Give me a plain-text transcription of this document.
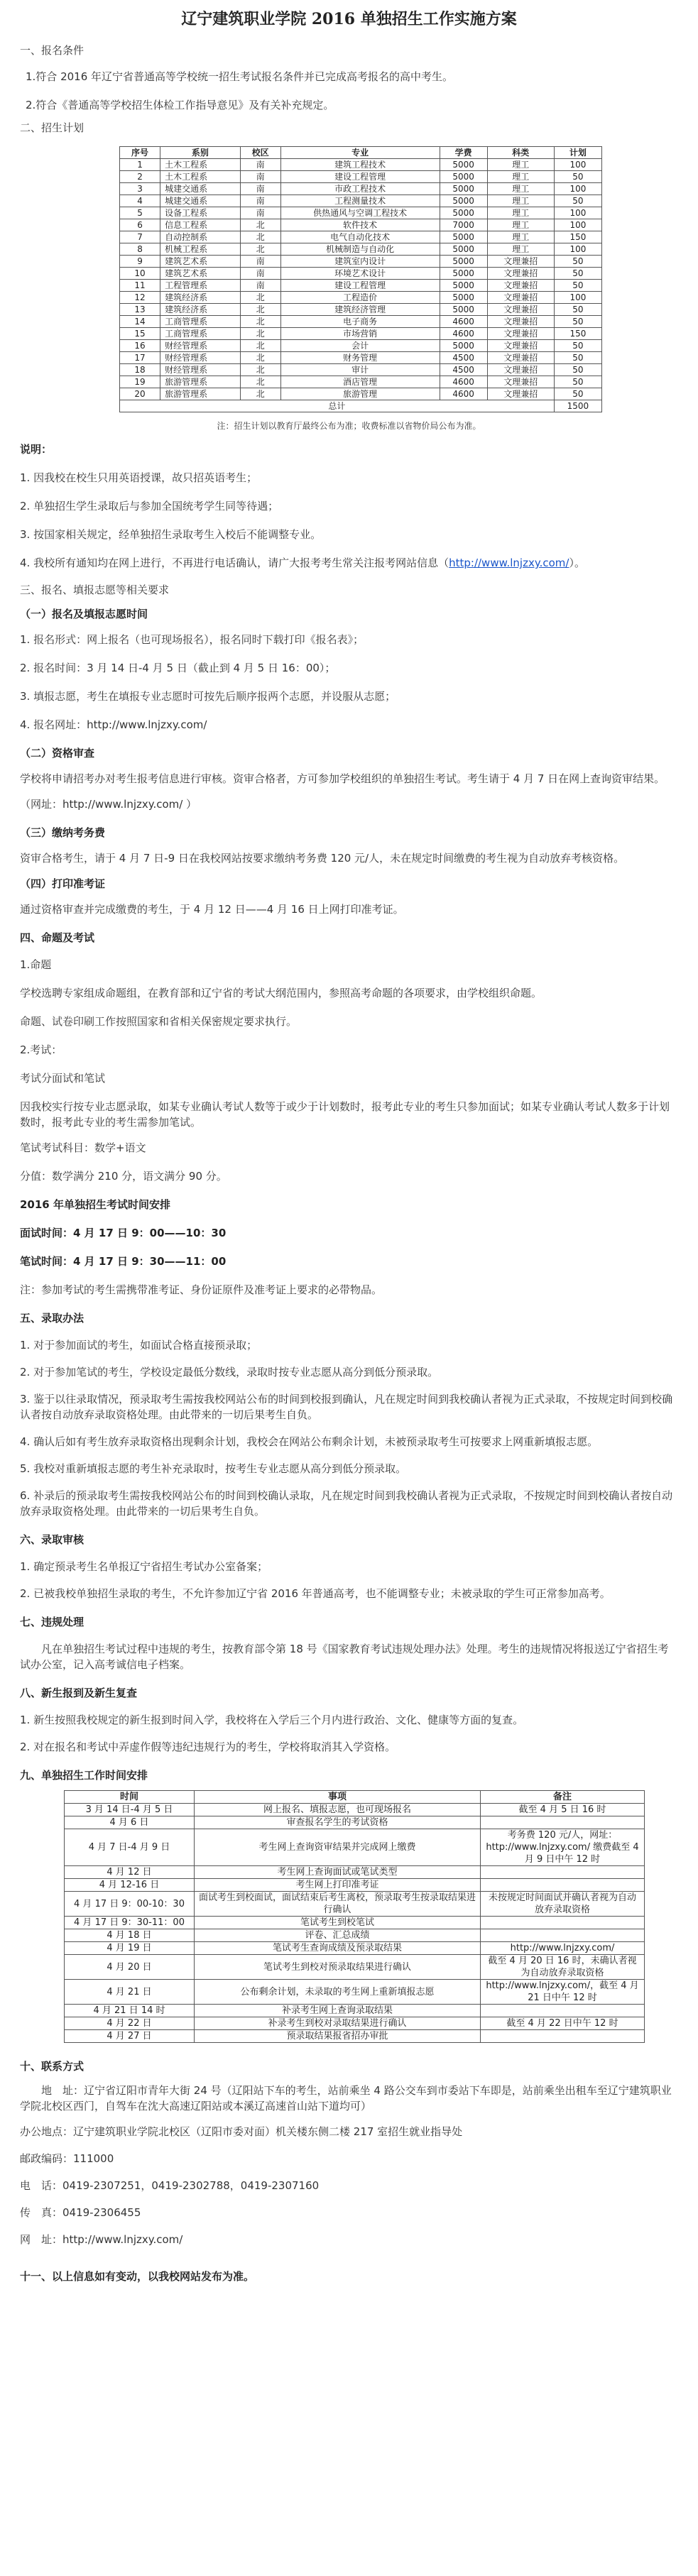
辽宁建筑职业学院 2016 单独招生工作实施方案
一、报名条件
1.符合 2016 年辽宁省普通高等学校统一招生考试报名条件并已完成高考报名的高中考生。
2.符合《普通高等学校招生体检工作指导意见》及有关补充规定。
二、招生计划
序号	系别	校区	专业	学费	科类	计划
1	土木工程系	南	建筑工程技术	5000	理工	100
2	土木工程系	南	建设工程管理	5000	理工	50
3	城建交通系	南	市政工程技术	5000	理工	100
4	城建交通系	南	工程测量技术	5000	理工	50
5	设备工程系	南	供热通风与空调工程技术	5000	理工	100
6	信息工程系	北	软件技术	7000	理工	100
7	自动控制系	北	电气自动化技术	5000	理工	150
8	机械工程系	北	机械制造与自动化	5000	理工	100
9	建筑艺术系	南	建筑室内设计	5000	文理兼招	50
10	建筑艺术系	南	环境艺术设计	5000	文理兼招	50
11	工程管理系	南	建设工程管理	5000	文理兼招	50
12	建筑经济系	北	工程造价	5000	文理兼招	100
13	建筑经济系	北	建筑经济管理	5000	文理兼招	50
14	工商管理系	北	电子商务	4600	文理兼招	50
15	工商管理系	北	市场营销	4600	文理兼招	150
16	财经管理系	北	会计	5000	文理兼招	50
17	财经管理系	北	财务管理	4500	文理兼招	50
18	财经管理系	北	审计	4500	文理兼招	50
19	旅游管理系	北	酒店管理	4600	文理兼招	50
20	旅游管理系	北	旅游管理	4600	文理兼招	50
总计						1500
注：招生计划以教育厅最终公布为准；收费标准以省物价局公布为准。
说明：
1. 因我校在校生只用英语授课，故只招英语考生；
2. 单独招生学生录取后与参加全国统考学生同等待遇；
3. 按国家相关规定，经单独招生录取考生入校后不能调整专业。
4. 我校所有通知均在网上进行，不再进行电话确认，请广大报考考生常关注报考网站信息（http://www.lnjzxy.com/）。
三、报名、填报志愿等相关要求
（一）报名及填报志愿时间
1. 报名形式：网上报名（也可现场报名），报名同时下载打印《报名表》；
2. 报名时间：3 月 14 日-4 月 5 日（截止到 4 月 5 日 16：00）；
3. 填报志愿，考生在填报专业志愿时可按先后顺序报两个志愿，并设服从志愿；
4. 报名网址：http://www.lnjzxy.com/
（二）资格审查
学校将申请招考办对考生报考信息进行审核。资审合格者，方可参加学校组织的单独招生考试。考生请于 4 月 7 日在网上查询资审结果。
（网址：http://www.lnjzxy.com/ ）
（三）缴纳考务费
资审合格考生，请于 4 月 7 日-9 日在我校网站按要求缴纳考务费 120 元/人，未在规定时间缴费的考生视为自动放弃考核资格。
（四）打印准考证
通过资格审查并完成缴费的考生，于 4 月 12 日——4 月 16 日上网打印准考证。
四、命题及考试
1.命题
学校选聘专家组成命题组，在教育部和辽宁省的考试大纲范围内，参照高考命题的各项要求，由学校组织命题。
命题、试卷印刷工作按照国家和省相关保密规定要求执行。
2.考试：
考试分面试和笔试
因我校实行按专业志愿录取，如某专业确认考试人数等于或少于计划数时，报考此专业的考生只参加面试；如某专业确认考试人数多于计划数时，报考此专业的考生需参加笔试。
笔试考试科目：数学+语文
分值：数学满分 210 分，语文满分 90 分。
2016 年单独招生考试时间安排
面试时间：4 月 17 日 9：00——10：30
笔试时间：4 月 17 日 9：30——11：00
注：参加考试的考生需携带准考证、身份证原件及准考证上要求的必带物品。
五、录取办法
1. 对于参加面试的考生，如面试合格直接预录取；
2. 对于参加笔试的考生，学校设定最低分数线，录取时按专业志愿从高分到低分预录取。
3. 鉴于以往录取情况，预录取考生需按我校网站公布的时间到校报到确认，凡在规定时间到我校确认者视为正式录取，不按规定时间到校确认者按自动放弃录取资格处理。由此带来的一切后果考生自负。
4. 确认后如有考生放弃录取资格出现剩余计划，我校会在网站公布剩余计划，未被预录取考生可按要求上网重新填报志愿。
5. 我校对重新填报志愿的考生补充录取时，按考生专业志愿从高分到低分预录取。
6. 补录后的预录取考生需按我校网站公布的时间到校确认录取，凡在规定时间到我校确认者视为正式录取，不按规定时间到校确认者按自动放弃录取资格处理。由此带来的一切后果考生自负。
六、录取审核
1. 确定预录考生名单报辽宁省招生考试办公室备案；
2. 已被我校单独招生录取的考生，不允许参加辽宁省 2016 年普通高考，也不能调整专业；未被录取的学生可正常参加高考。
七、违规处理
凡在单独招生考试过程中违规的考生，按教育部令第 18 号《国家教育考试违规处理办法》处理。考生的违规情况将报送辽宁省招生考试办公室，记入高考诚信电子档案。
八、新生报到及新生复查
1. 新生按照我校规定的新生报到时间入学，我校将在入学后三个月内进行政治、文化、健康等方面的复查。
2. 对在报名和考试中弄虚作假等违纪违规行为的考生，学校将取消其入学资格。
九、单独招生工作时间安排
时间	事项	备注
3 月 14 日-4 月 5 日	网上报名、填报志愿，也可现场报名	截至 4 月 5 日 16 时
4 月 6 日	审查报名学生的考试资格	
4 月 7 日-4 月 9 日	考生网上查询资审结果并完成网上缴费	考务费 120 元/人，网址：http://www.lnjzxy.com/ 缴费截至 4 月 9 日中午 12 时
4 月 12 日	考生网上查询面试或笔试类型	
4 月 12-16 日	考生网上打印准考证	
4 月 17 日 9：00-10：30	面试考生到校面试，面试结束后考生离校，预录取考生按录取结果进行确认	未按规定时间面试并确认者视为自动放弃录取资格
4 月 17 日 9：30-11：00	笔试考生到校笔试	
4 月 18 日	评卷、汇总成绩	
4 月 19 日	笔试考生查询成绩及预录取结果	http://www.lnjzxy.com/
4 月 20 日	笔试考生到校对预录取结果进行确认	截至 4 月 20 日 16 时，未确认者视为自动放弃录取资格
4 月 21 日	公布剩余计划，未录取的考生网上重新填报志愿	http://www.lnjzxy.com/，截至 4 月 21 日中午 12 时
4 月 21 日 14 时	补录考生网上查询录取结果	
4 月 22 日	补录考生到校对录取结果进行确认	截至 4 月 22 日中午 12 时
4 月 27 日	预录取结果报省招办审批	
十、联系方式
地　址：辽宁省辽阳市青年大街 24 号（辽阳站下车的考生，站前乘坐 4 路公交车到市委站下车即是，站前乘坐出租车至辽宁建筑职业学院北校区西门，自驾车在沈大高速辽阳站或本溪辽高速首山站下道均可）
办公地点：辽宁建筑职业学院北校区（辽阳市委对面）机关楼东侧二楼 217 室招生就业指导处
邮政编码：111000
电　话：0419-2307251，0419-2302788，0419-2307160
传　真：0419-2306455
网　址：http://www.lnjzxy.com/
十一、以上信息如有变动，以我校网站发布为准。
